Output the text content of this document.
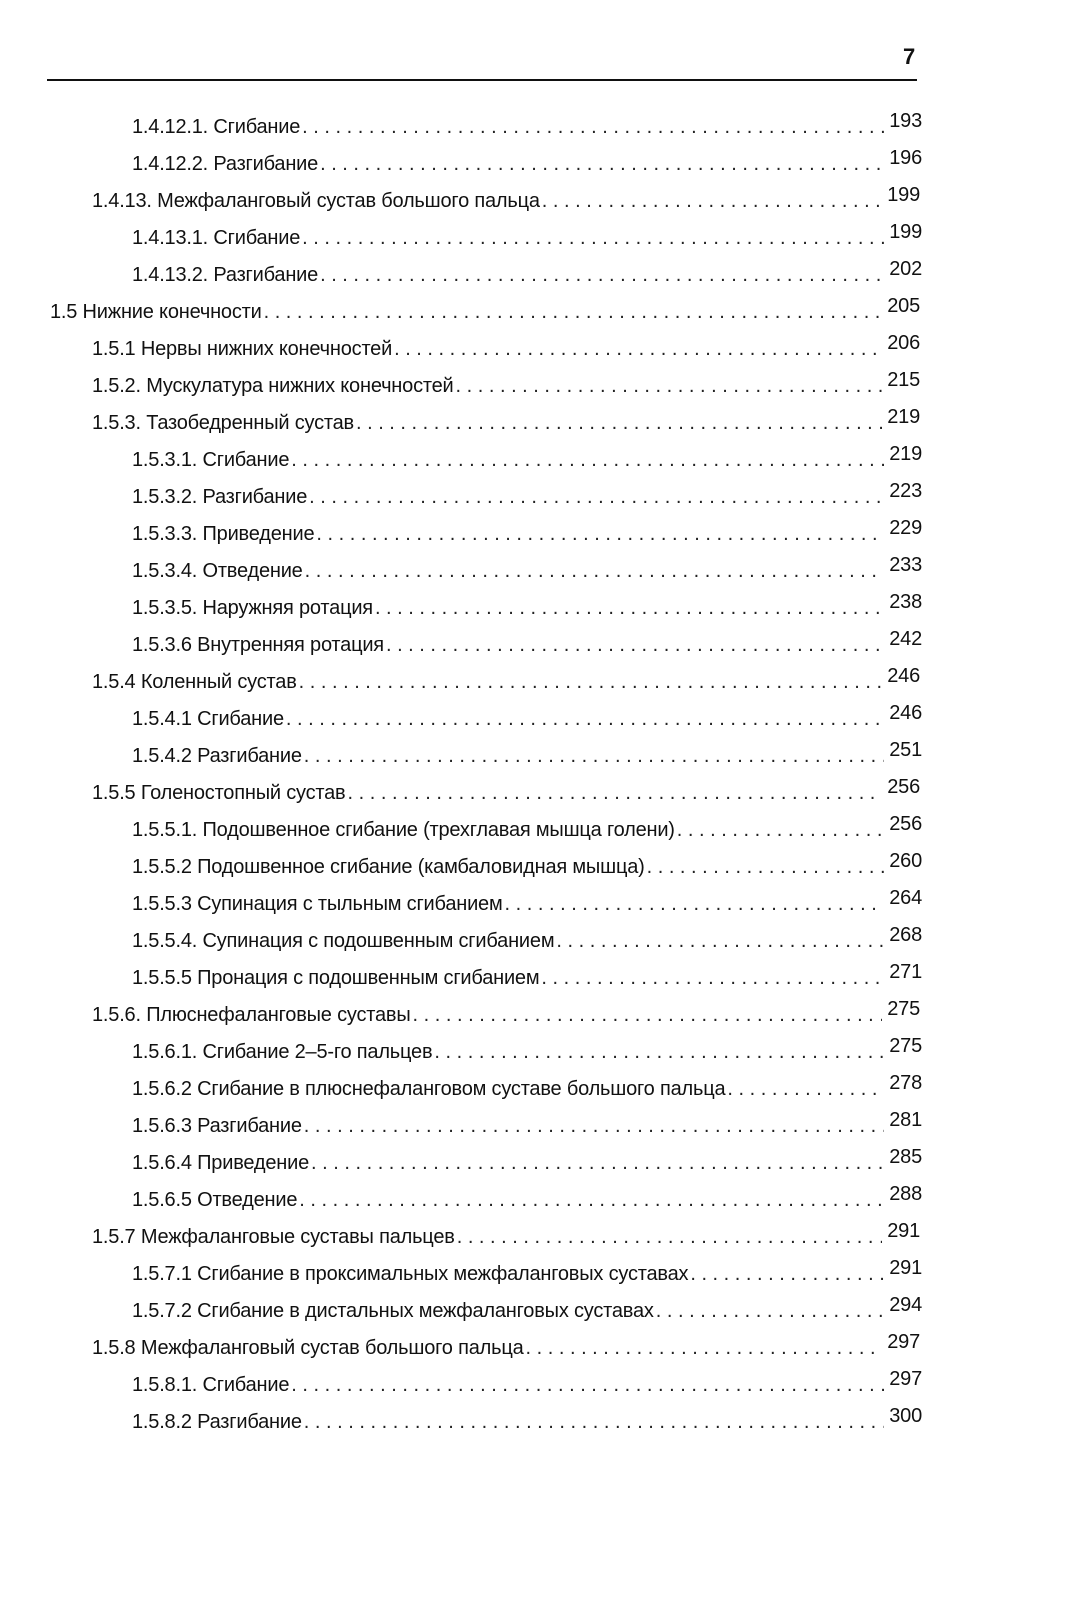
7
1.4.12.1. Сгибание . . .	193
1.4.12.2. Разгибание . . .	196
1.4.13. Межфаланговый сустав большого пальца . . .	199
1.4.13.1. Сгибание . . .	199
1.4.13.2. Разгибание . . .	202
1.5 Нижние конечности . . .	205
1.5.1 Нервы нижних конечностей . . .	206
1.5.2. Мускулатура нижних конечностей . . .	215
1.5.3. Тазобедренный сустав . . .	219
1.5.3.1. Сгибание . . .	219
1.5.3.2. Разгибание . . .	223
1.5.3.3. Приведение . . .	229
1.5.3.4. Отведение . . .	233
1.5.3.5. Наружняя ротация . . .	238
1.5.3.6 Внутренняя ротация . . .	242
1.5.4 Коленный сустав . . .	246
1.5.4.1 Сгибание . . .	246
1.5.4.2 Разгибание . . .	251
1.5.5 Голеностопный сустав . . .	256
1.5.5.1. Подошвенное сгибание (трехглавая мышца голени) . . .	256
1.5.5.2 Подошвенное сгибание (камбаловидная мышца) . . .	260
1.5.5.3 Супинация с тыльным сгибанием . . .	264
1.5.5.4. Супинация с подошвенным сгибанием . . .	268
1.5.5.5 Пронация с подошвенным сгибанием . . .	271
1.5.6. Плюснефаланговые суставы . . .	275
1.5.6.1. Сгибание 2–5-го пальцев . . .	275
1.5.6.2 Сгибание в плюснефаланговом суставе большого пальца . . .	278
1.5.6.3 Разгибание . . .	281
1.5.6.4 Приведение . . .	285
1.5.6.5 Отведение . . .	288
1.5.7 Межфаланговые суставы пальцев . . .	291
1.5.7.1 Сгибание в проксимальных межфаланговых суставах . . .	291
1.5.7.2 Сгибание в дистальных межфаланговых суставах . . .	294
1.5.8 Межфаланговый сустав большого пальца . . .	297
1.5.8.1. Сгибание . . .	297
1.5.8.2 Разгибание . . .	300
